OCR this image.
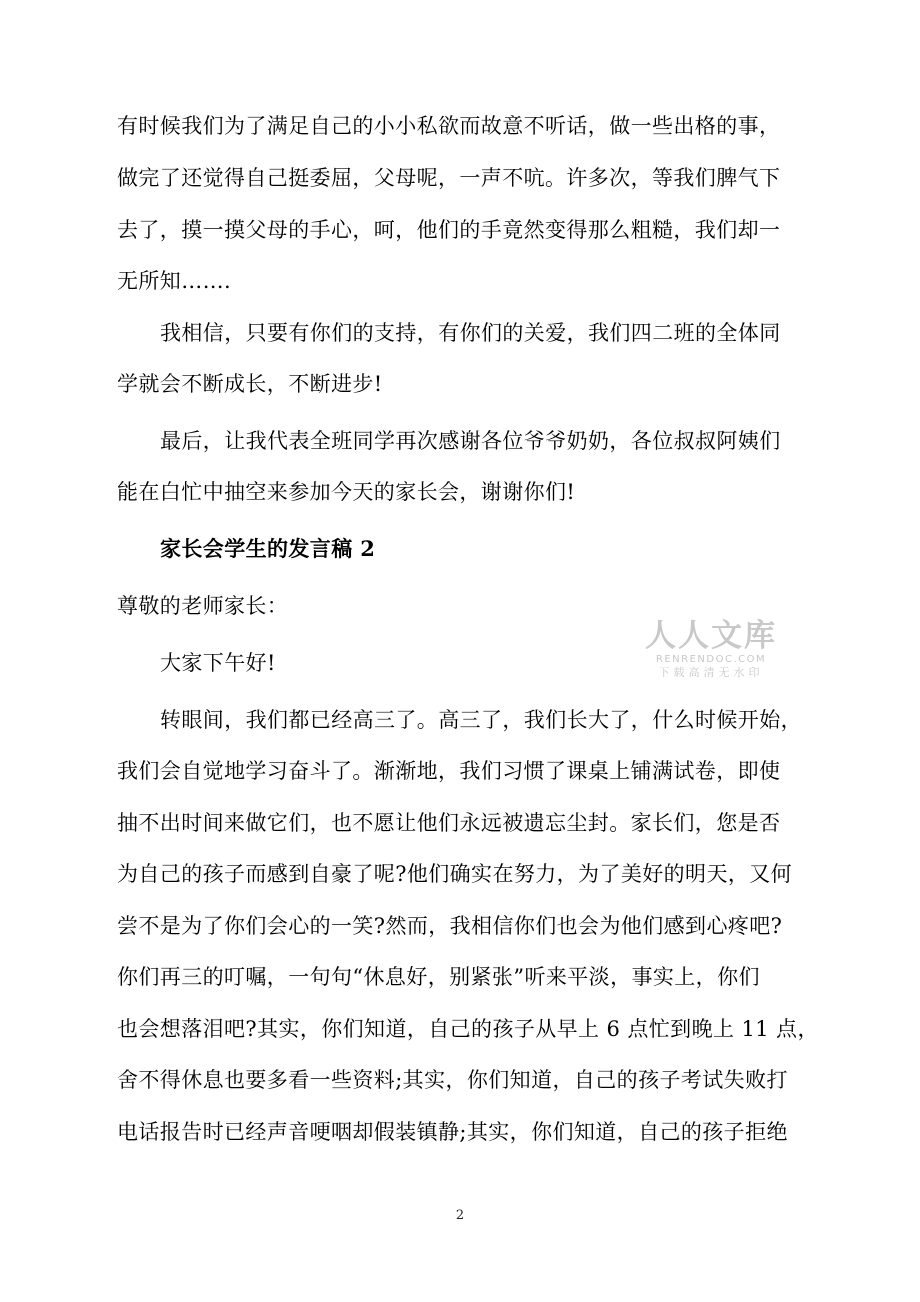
有时候我们为了满足自己的小小私欲而故意不听话，做一些出格的事，
做完了还觉得自己挺委屈，父母呢，一声不吭。许多次，等我们脾气下
去了，摸一摸父母的手心，呵，他们的手竟然变得那么粗糙，我们却一
无所知…….
我相信，只要有你们的支持，有你们的关爱，我们四二班的全体同
学就会不断成长，不断进步!
最后，让我代表全班同学再次感谢各位爷爷奶奶，各位叔叔阿姨们
能在白忙中抽空来参加今天的家长会，谢谢你们!
家长会学生的发言稿 2
尊敬的老师家长：
大家下午好!
转眼间，我们都已经高三了。高三了，我们长大了，什么时候开始，
我们会自觉地学习奋斗了。渐渐地，我们习惯了课桌上铺满试卷，即使
抽不出时间来做它们，也不愿让他们永远被遗忘尘封。家长们，您是否
为自己的孩子而感到自豪了呢?他们确实在努力，为了美好的明天，又何
尝不是为了你们会心的一笑?然而，我相信你们也会为他们感到心疼吧?
你们再三的叮嘱，一句句“休息好，别紧张”听来平淡，事实上，你们
也会想落泪吧?其实，你们知道，自己的孩子从早上 6 点忙到晚上 11 点，
舍不得休息也要多看一些资料;其实，你们知道，自己的孩子考试失败打
电话报告时已经声音哽咽却假装镇静;其实，你们知道，自己的孩子拒绝
人人文库
RENRENDOC.COM
下载高清无水印
2
